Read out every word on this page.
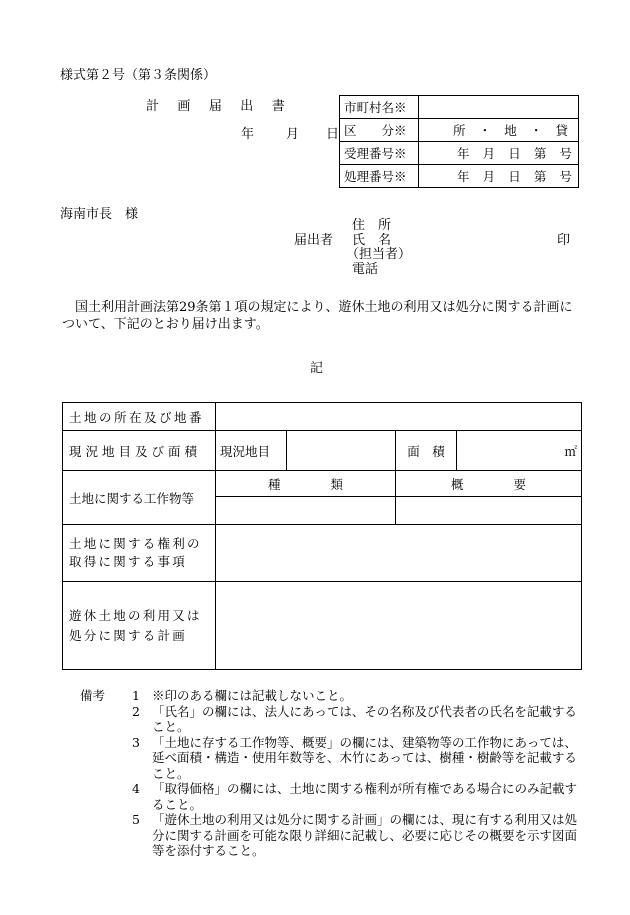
様式第２号（第３条関係）
計 画 届 出 書
年 月 日
市町村名※	
区　　分※	所 ・ 地 ・ 貸

受理番号※	年 月 日 第 号

処理番号※	年 月 日 第 号
海南市長　様
届出者
住　所
氏　名
（担当者）
電話
印
国土利用計画法第29条第１項の規定により、遊休土地の利用又は処分に関する計画について、下記のとおり届け出ます。
記
土地の所在及び地番				
現況地目及び面積	現況地目		面　積	㎡
土地に関する工作物等	種　　　　類		概　　　　要	

土地に関する権利の取得に関する事項				
遊休土地の利用又は処分に関する計画				
備考	1 ※印のある欄には記載しないこと。
2 「氏名」の欄には、法人にあっては、その名称及び代表者の氏名を記載すること。
3 「土地に存する工作物等、概要」の欄には、建築物等の工作物にあっては、延べ面積・構造・使用年数等を、木竹にあっては、樹種・樹齢等を記載すること。
4 「取得価格」の欄には、土地に関する権利が所有権である場合にのみ記載すること。
5 「遊休土地の利用又は処分に関する計画」の欄には、現に有する利用又は処分に関する計画を可能な限り詳細に記載し、必要に応じその概要を示す図面等を添付すること。
